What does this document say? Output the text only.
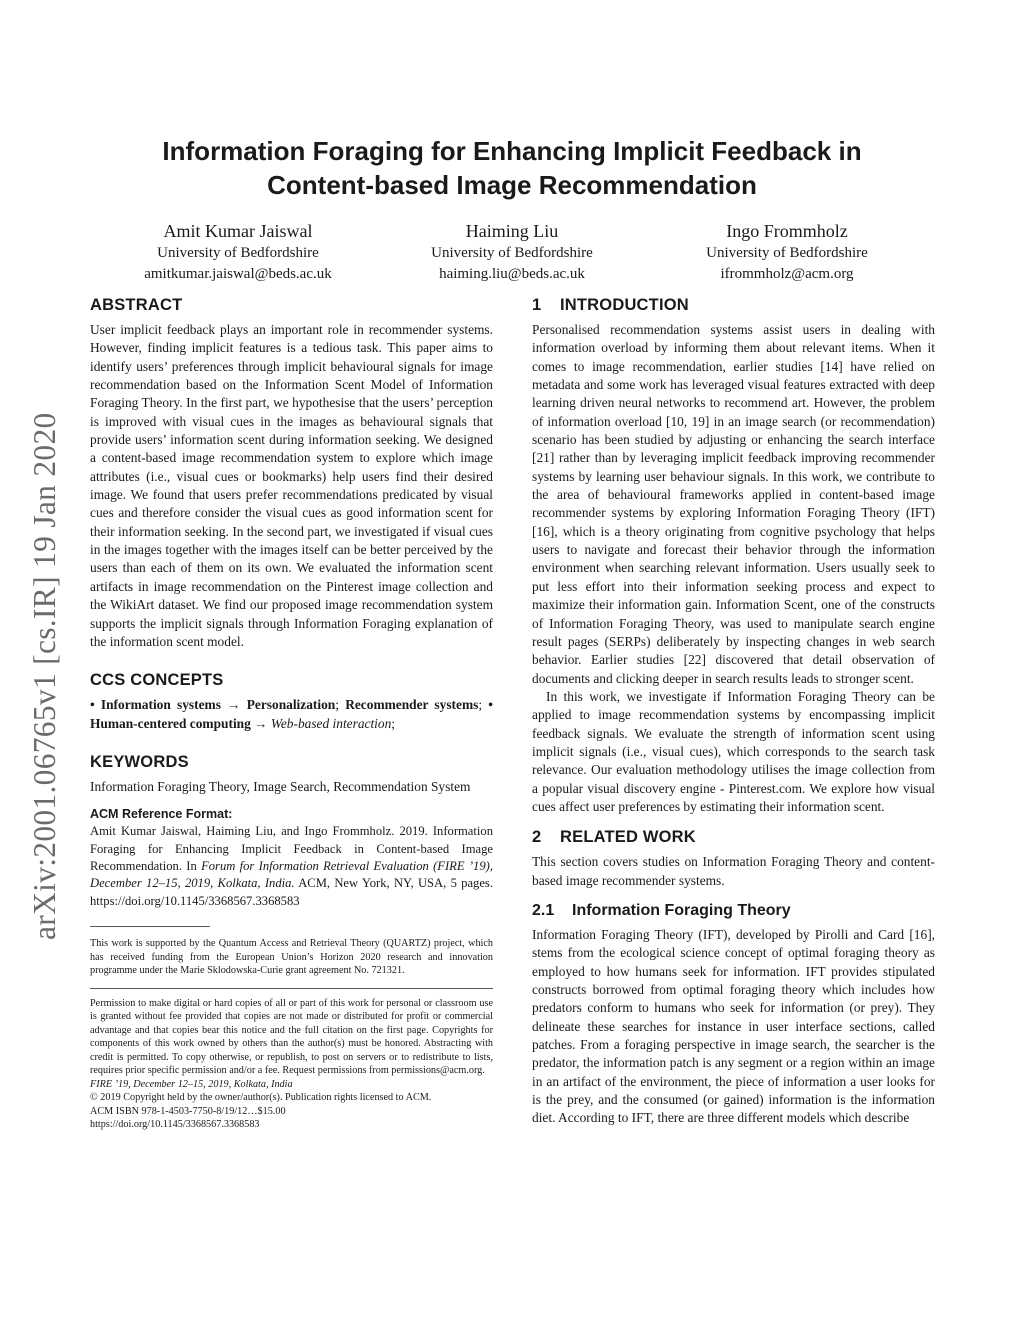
arXiv:2001.06765v1 [cs.IR] 19 Jan 2020
Information Foraging for Enhancing Implicit Feedback in
Content-based Image Recommendation
Amit Kumar Jaiswal
University of Bedfordshire
amitkumar.jaiswal@beds.ac.uk
Haiming Liu
University of Bedfordshire
haiming.liu@beds.ac.uk
Ingo Frommholz
University of Bedfordshire
ifrommholz@acm.org
ABSTRACT

User implicit feedback plays an important role in recommender systems. However, finding implicit features is a tedious task. This paper aims to identify users’ preferences through implicit behavioural signals for image recommendation based on the Information Scent Model of Information Foraging Theory. In the first part, we hypothesise that the users’ perception is improved with visual cues in the images as behavioural signals that provide users’ information scent during information seeking. We designed a content-based image recommendation system to explore which image attributes (i.e., visual cues or bookmarks) help users find their desired image. We found that users prefer recommendations predicated by visual cues and therefore consider the visual cues as good information scent for their information seeking. In the second part, we investigated if visual cues in the images together with the images itself can be better perceived by the users than each of them on its own. We evaluated the information scent artifacts in image recommendation on the Pinterest image collection and the WikiArt dataset. We find our proposed image recommendation system supports the implicit signals through Information Foraging explanation of the information scent model.

CCS CONCEPTS

• Information systems → Personalization; Recommender systems; • Human-centered computing → Web-based interaction;

KEYWORDS

Information Foraging Theory, Image Search, Recommendation System

ACM Reference Format:

Amit Kumar Jaiswal, Haiming Liu, and Ingo Frommholz. 2019. Information Foraging for Enhancing Implicit Feedback in Content-based Image Recommendation. In Forum for Information Retrieval Evaluation (FIRE ’19), December 12–15, 2019, Kolkata, India. ACM, New York, NY, USA, 5 pages. https://doi.org/10.1145/3368567.3368583

This work is supported by the Quantum Access and Retrieval Theory (QUARTZ) project, which has received funding from the European Union’s Horizon 2020 research and innovation programme under the Marie Sklodowska-Curie grant agreement No. 721321.

Permission to make digital or hard copies of all or part of this work for personal or classroom use is granted without fee provided that copies are not made or distributed for profit or commercial advantage and that copies bear this notice and the full citation on the first page. Copyrights for components of this work owned by others than the author(s) must be honored. Abstracting with credit is permitted. To copy otherwise, or republish, to post on servers or to redistribute to lists, requires prior specific permission and/or a fee. Request permissions from permissions@acm.org.

FIRE ’19, December 12–15, 2019, Kolkata, India

© 2019 Copyright held by the owner/author(s). Publication rights licensed to ACM.

ACM ISBN 978-1-4503-7750-8/19/12…$15.00

https://doi.org/10.1145/3368567.3368583

1 INTRODUCTION

Personalised recommendation systems assist users in dealing with information overload by informing them about relevant items. When it comes to image recommendation, earlier studies [14] have relied on metadata and some work has leveraged visual features extracted with deep learning driven neural networks to recommend art. However, the problem of information overload [10, 19] in an image search (or recommendation) scenario has been studied by adjusting or enhancing the search interface [21] rather than by leveraging implicit feedback improving recommender systems by learning user behaviour signals. In this work, we contribute to the area of behavioural frameworks applied in content-based image recommender systems by exploring Information Foraging Theory (IFT) [16], which is a theory originating from cognitive psychology that helps users to navigate and forecast their behavior through the information environment when searching relevant information. Users usually seek to put less effort into their information seeking process and expect to maximize their information gain. Information Scent, one of the constructs of Information Foraging Theory, was used to manipulate search engine result pages (SERPs) deliberately by inspecting changes in web search behavior. Earlier studies [22] discovered that detail observation of documents and clicking deeper in search results leads to stronger scent.

In this work, we investigate if Information Foraging Theory can be applied to image recommendation systems by encompassing implicit feedback signals. We evaluate the strength of information scent using implicit signals (i.e., visual cues), which corresponds to the search task relevance. Our evaluation methodology utilises the image collection from a popular visual discovery engine - Pinterest.com. We explore how visual cues affect user preferences by estimating their information scent.

2 RELATED WORK

This section covers studies on Information Foraging Theory and content-based image recommender systems.

2.1 Information Foraging Theory

Information Foraging Theory (IFT), developed by Pirolli and Card [16], stems from the ecological science concept of optimal foraging theory as employed to how humans seek for information. IFT provides stipulated constructs borrowed from optimal foraging theory which includes how predators conform to humans who seek for information (or prey). They delineate these searches for instance in user interface sections, called patches. From a foraging perspective in image search, the searcher is the predator, the information patch is any segment or a region within an image in an artifact of the environment, the piece of information a user looks for is the prey, and the consumed (or gained) information is the information diet. According to IFT, there are three different models which describe
